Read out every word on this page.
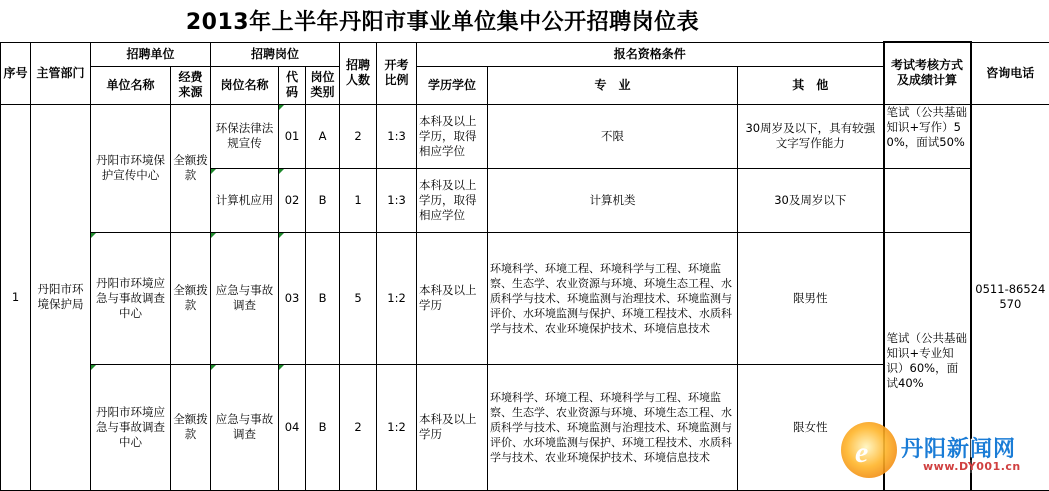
2013年上半年丹阳市事业单位集中公开招聘岗位表
序号	主管部门	招聘单位		招聘岗位			招聘人数	开考比例	报名资格条件			考试考核方式及成绩计算	咨询电话
		单位名称	经费来源	岗位名称	代码	岗位类别			学历学位	专　业	其　他		
1	丹阳市环境保护局	丹阳市环境保护宣传中心	全额拨款	环保法律法规宣传	01	A	2	1:3	本科及以上学历，取得相应学位	不限	30周岁及以下，具有较强文字写作能力	笔试（公共基础知识+写作）50%，面试50%	0511-86524570
				计算机应用	02	B	1	1:3	本科及以上学历，取得相应学位	计算机类	30及周岁以下		
		丹阳市环境应急与事故调查中心	全额拨款	应急与事故调查	03	B	5	1:2	本科及以上学历	环境科学、环境工程、环境科学与工程、环境监察、生态学、农业资源与环境、环境生态工程、水质科学与技术、环境监测与治理技术、环境监测与评价、水环境监测与保护、环境工程技术、水质科学与技术、农业环境保护技术、环境信息技术	限男性	笔试（公共基础知识+专业知识）60%，面试40%	
		丹阳市环境应急与事故调查中心	全额拨款	应急与事故调查	04	B	2	1:2	本科及以上学历	环境科学、环境工程、环境科学与工程、环境监察、生态学、农业资源与环境、环境生态工程、水质科学与技术、环境监测与治理技术、环境监测与评价、水环境监测与保护、环境工程技术、水质科学与技术、农业环境保护技术、环境信息技术	限女性		
e 丹阳新闻网
www.DY001.cn
